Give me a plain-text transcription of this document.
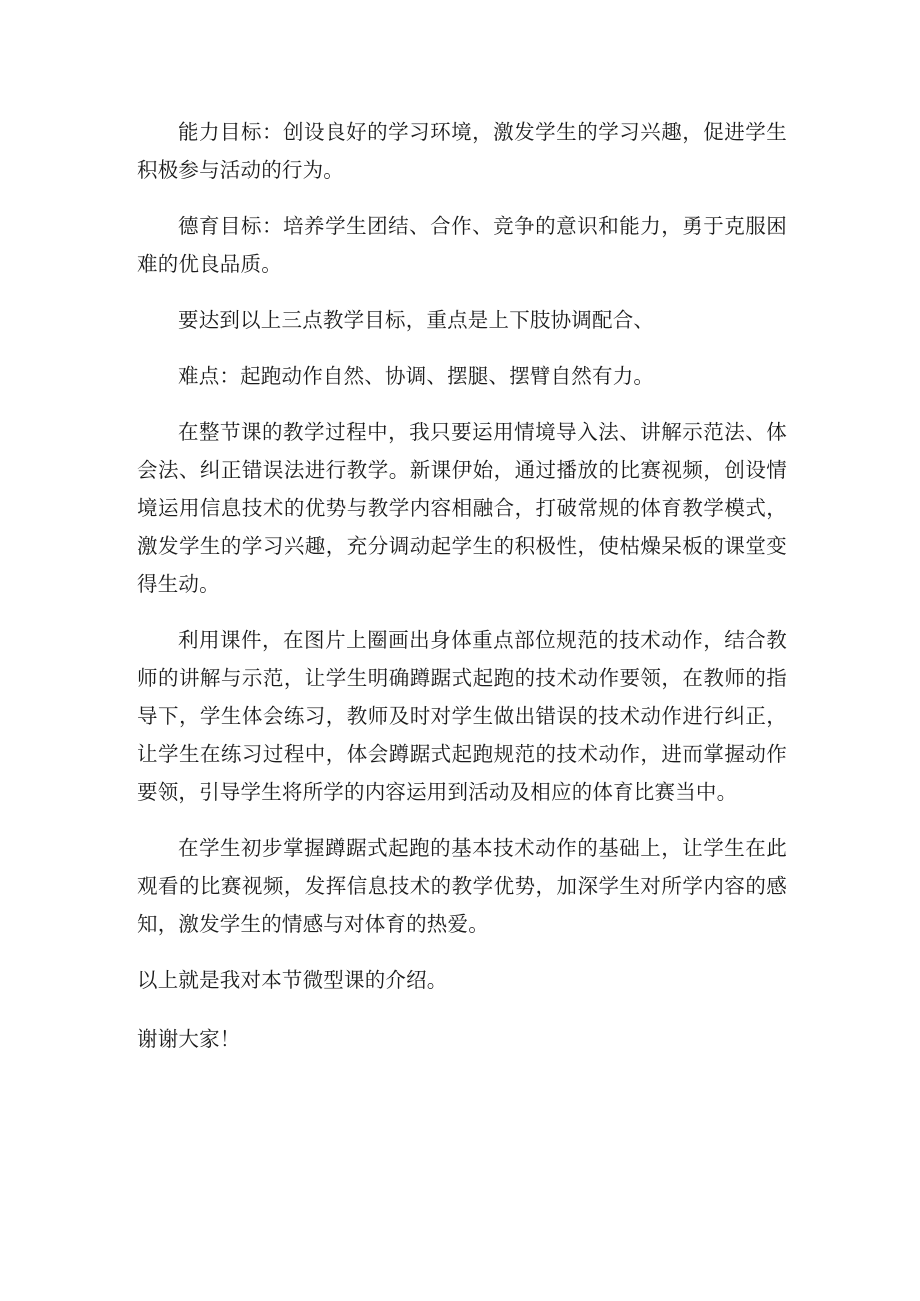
能力目标：创设良好的学习环境，激发学生的学习兴趣，促进学生积极参与活动的行为。

德育目标：培养学生团结、合作、竞争的意识和能力，勇于克服困难的优良品质。

要达到以上三点教学目标，重点是上下肢协调配合、

难点：起跑动作自然、协调、摆腿、摆臂自然有力。

在整节课的教学过程中，我只要运用情境导入法、讲解示范法、体会法、纠正错误法进行教学。新课伊始，通过播放的比赛视频，创设情境运用信息技术的优势与教学内容相融合，打破常规的体育教学模式，激发学生的学习兴趣，充分调动起学生的积极性，使枯燥呆板的课堂变得生动。

利用课件，在图片上圈画出身体重点部位规范的技术动作，结合教师的讲解与示范，让学生明确蹲踞式起跑的技术动作要领，在教师的指导下，学生体会练习，教师及时对学生做出错误的技术动作进行纠正，让学生在练习过程中，体会蹲踞式起跑规范的技术动作，进而掌握动作要领，引导学生将所学的内容运用到活动及相应的体育比赛当中。

在学生初步掌握蹲踞式起跑的基本技术动作的基础上，让学生在此观看的比赛视频，发挥信息技术的教学优势，加深学生对所学内容的感知，激发学生的情感与对体育的热爱。

以上就是我对本节微型课的介绍。

谢谢大家！
